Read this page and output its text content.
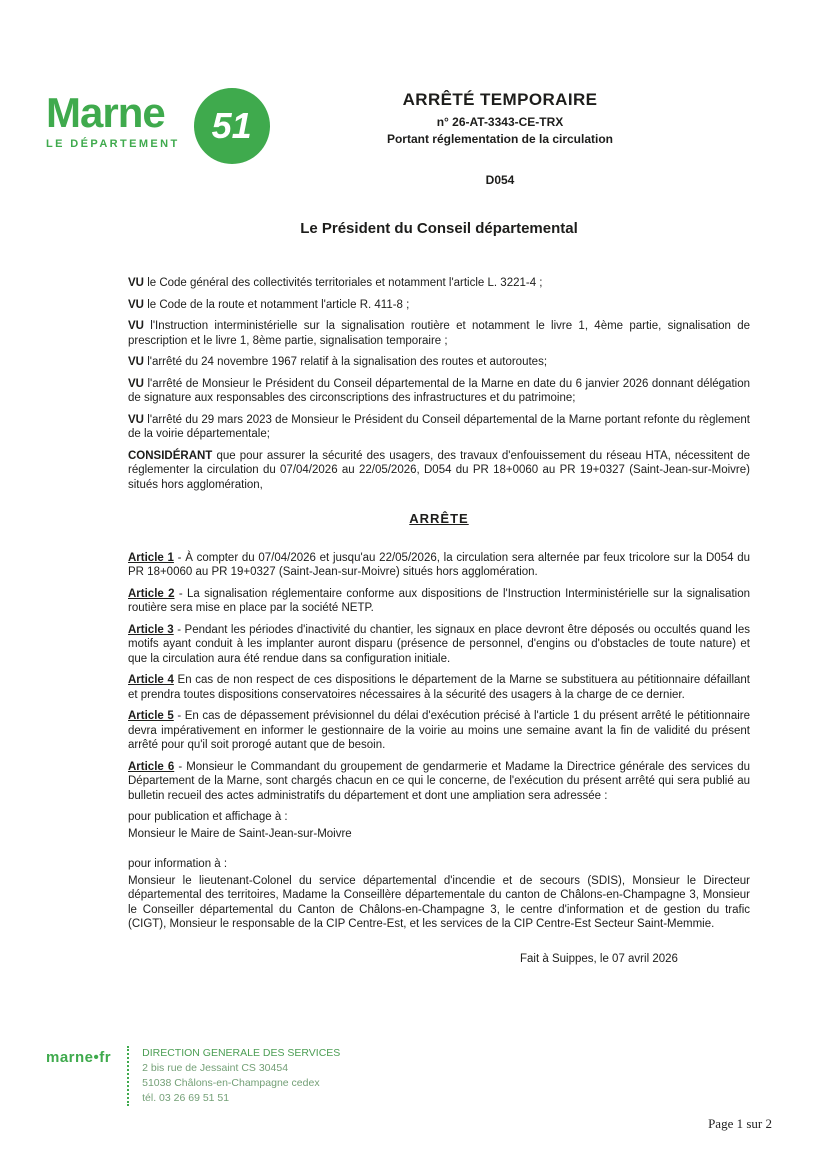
Marne
LE DÉPARTEMENT 51
ARRÊTÉ TEMPORAIRE
n° 26-AT-3343-CE-TRX
Portant réglementation de la circulation
D054
Le Président du Conseil départemental

VU le Code général des collectivités territoriales et notamment l'article L. 3221-4 ;

VU le Code de la route et notamment l'article R. 411-8 ;

VU l'Instruction interministérielle sur la signalisation routière et notamment le livre 1, 4ème partie, signalisation de prescription et le livre 1, 8ème partie, signalisation temporaire ;

VU l'arrêté du 24 novembre 1967 relatif à la signalisation des routes et autoroutes;

VU l'arrêté de Monsieur le Président du Conseil départemental de la Marne en date du 6 janvier 2026 donnant délégation de signature aux responsables des circonscriptions des infrastructures et du patrimoine;

VU l'arrêté du 29 mars 2023 de Monsieur le Président du Conseil départemental de la Marne portant refonte du règlement de la voirie départementale;

CONSIDÉRANT que pour assurer la sécurité des usagers, des travaux d'enfouissement du réseau HTA, nécessitent de réglementer la circulation du 07/04/2026 au 22/05/2026, D054 du PR 18+0060 au PR 19+0327 (Saint-Jean-sur-Moivre) situés hors agglomération,

ARRÊTE

Article 1 - À compter du 07/04/2026 et jusqu'au 22/05/2026, la circulation sera alternée par feux tricolore sur la D054 du PR 18+0060 au PR 19+0327 (Saint-Jean-sur-Moivre) situés hors agglomération.

Article 2 - La signalisation réglementaire conforme aux dispositions de l'Instruction Interministérielle sur la signalisation routière sera mise en place par la société NETP.

Article 3 - Pendant les périodes d'inactivité du chantier, les signaux en place devront être déposés ou occultés quand les motifs ayant conduit à les implanter auront disparu (présence de personnel, d'engins ou d'obstacles de toute nature) et que la circulation aura été rendue dans sa configuration initiale.

Article 4 En cas de non respect de ces dispositions le département de la Marne se substituera au pétitionnaire défaillant et prendra toutes dispositions conservatoires nécessaires à la sécurité des usagers à la charge de ce dernier.

Article 5 - En cas de dépassement prévisionnel du délai d'exécution précisé à l'article 1 du présent arrêté le pétitionnaire devra impérativement en informer le gestionnaire de la voirie au moins une semaine avant la fin de validité du présent arrêté pour qu'il soit prorogé autant que de besoin.

Article 6 - Monsieur le Commandant du groupement de gendarmerie et Madame la Directrice générale des services du Département de la Marne, sont chargés chacun en ce qui le concerne, de l'exécution du présent arrêté qui sera publié au bulletin recueil des actes administratifs du département et dont une ampliation sera adressée :

pour publication et affichage à :

Monsieur le Maire de Saint-Jean-sur-Moivre

pour information à :

Monsieur le lieutenant-Colonel du service départemental d'incendie et de secours (SDIS), Monsieur le Directeur départemental des territoires, Madame la Conseillère départementale du canton de Châlons-en-Champagne 3, Monsieur le Conseiller départemental du Canton de Châlons-en-Champagne 3, le centre d'information et de gestion du trafic (CIGT), Monsieur le responsable de la CIP Centre-Est, et les services de la CIP Centre-Est Secteur Saint-Memmie.

Fait à Suippes, le 07 avril 2026

marne•fr	DIRECTION GENERALE DES SERVICES
2 bis rue de Jessaint CS 30454
51038 Châlons-en-Champagne cedex
tél. 03 26 69 51 51
Page 1 sur 2
